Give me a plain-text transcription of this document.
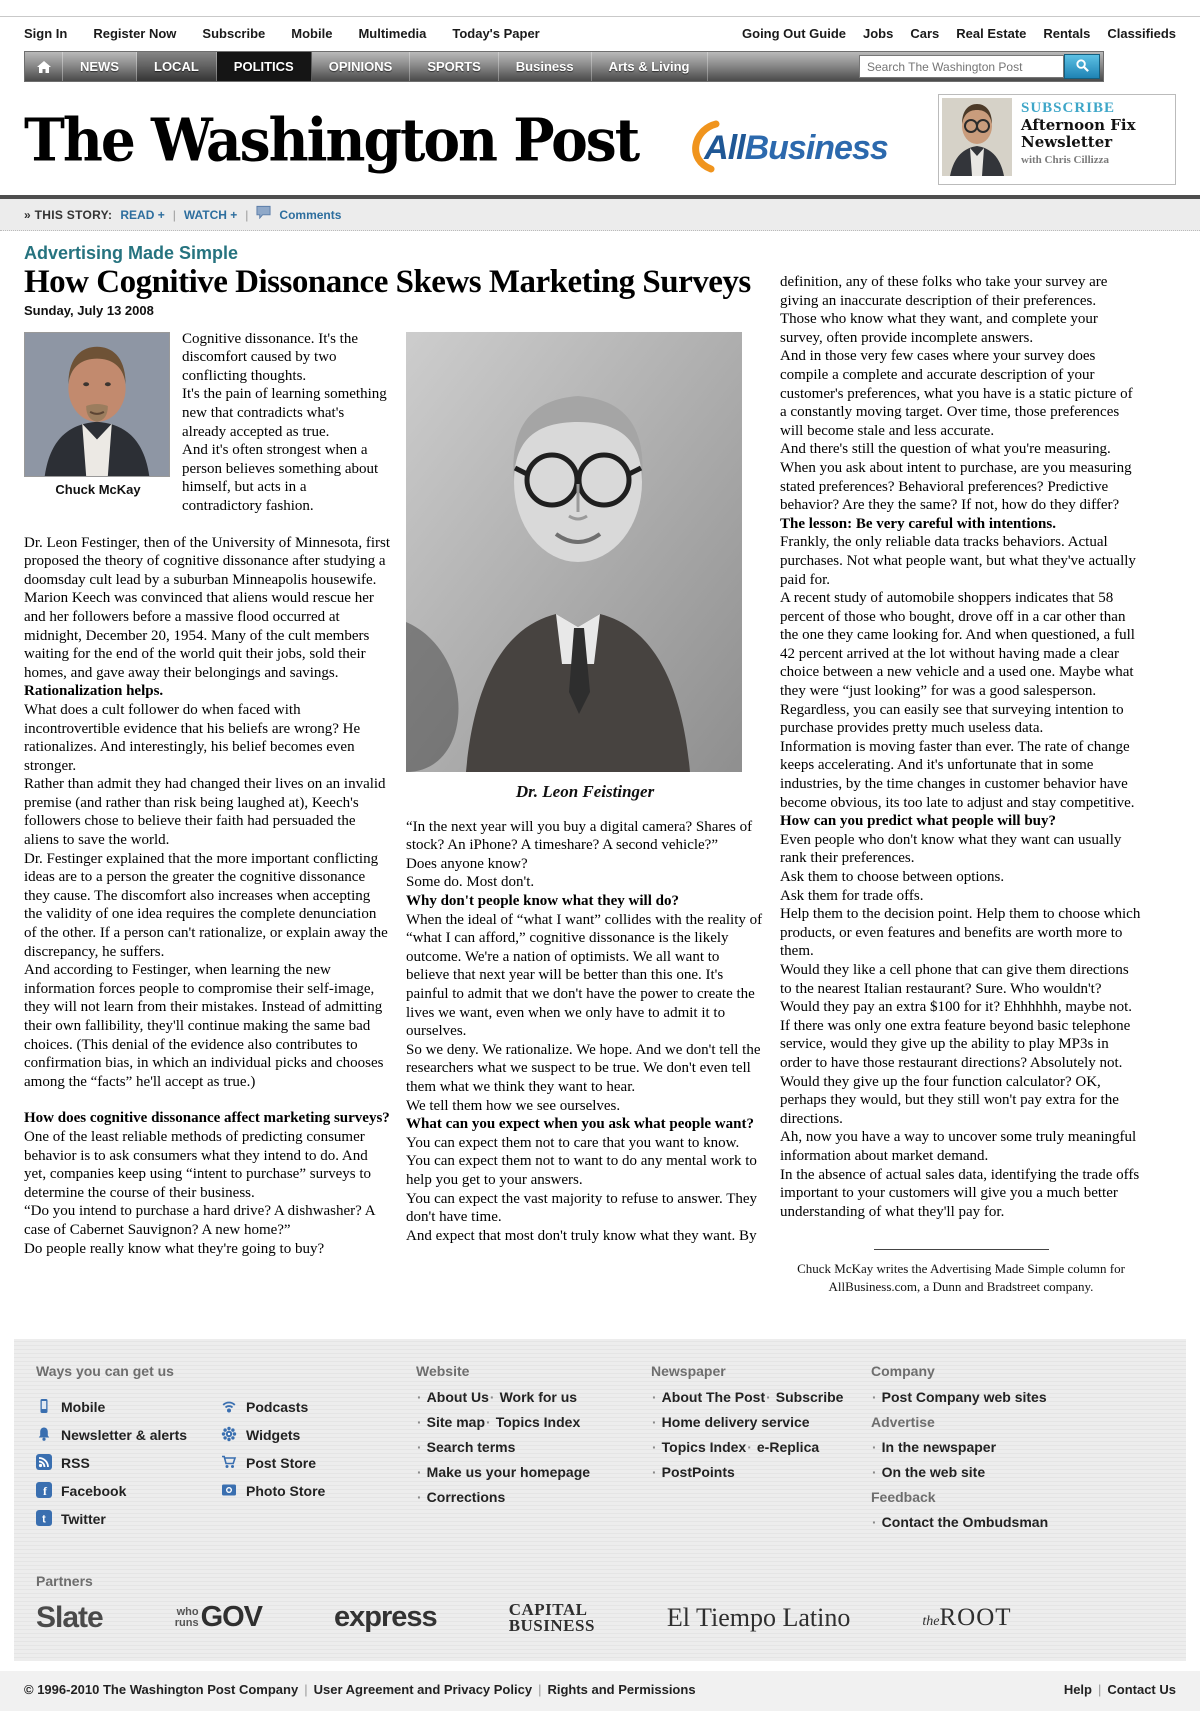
Sign In Register Now Subscribe Mobile Multimedia Today's Paper	Going Out Guide Jobs Cars Real Estate Rentals Classifieds
NEWS	LOCAL	POLITICS	OPINIONS	SPORTS	Business	Arts & Living
Search The Washington Post
The Washington Post AllBusiness
SUBSCRIBE
Afternoon Fix
Newsletter
with Chris Cillizza
» THIS STORY: READ + | WATCH + |	Comments
Advertising Made Simple
How Cognitive Dissonance Skews Marketing Surveys
Sunday, July 13 2008
Chuck McKay

Cognitive dissonance. It's the discomfort caused by two conflicting thoughts.

It's the pain of learning something new that contradicts what's already accepted as true.

And it's often strongest when a person believes something about himself, but acts in a contradictory fashion.

Dr. Leon Festinger, then of the University of Minnesota, first proposed the theory of cognitive dissonance after studying a doomsday cult lead by a suburban Minneapolis housewife. Marion Keech was convinced that aliens would rescue her and her followers before a massive flood occurred at midnight, December 20, 1954. Many of the cult members waiting for the end of the world quit their jobs, sold their homes, and gave away their belongings and savings.

Rationalization helps.

What does a cult follower do when faced with incontrovertible evidence that his beliefs are wrong? He rationalizes. And interestingly, his belief becomes even stronger.

Rather than admit they had changed their lives on an invalid premise (and rather than risk being laughed at), Keech's followers chose to believe their faith had persuaded the aliens to save the world.

Dr. Festinger explained that the more important conflicting ideas are to a person the greater the cognitive dissonance they cause. The discomfort also increases when accepting the validity of one idea requires the complete denunciation of the other. If a person can't rationalize, or explain away the discrepancy, he suffers.

And according to Festinger, when learning the new information forces people to compromise their self-image, they will not learn from their mistakes. Instead of admitting their own fallibility, they'll continue making the same bad choices. (This denial of the evidence also contributes to confirmation bias, in which an individual picks and chooses among the “facts” he'll accept as true.)

How does cognitive dissonance affect marketing surveys? One of the least reliable methods of predicting consumer behavior is to ask consumers what they intend to do. And yet, companies keep using “intent to purchase” surveys to determine the course of their business.

“Do you intend to purchase a hard drive? A dishwasher? A case of Cabernet Sauvignon? A new home?”

Do people really know what they're going to buy?

Dr. Leon Feistinger

“In the next year will you buy a digital camera? Shares of stock? An iPhone? A timeshare? A second vehicle?”

Does anyone know?

Some do. Most don't.

Why don't people know what they will do?

When the ideal of “what I want” collides with the reality of “what I can afford,” cognitive dissonance is the likely outcome. We're a nation of optimists. We all want to believe that next year will be better than this one. It's painful to admit that we don't have the power to create the lives we want, even when we only have to admit it to ourselves.

So we deny. We rationalize. We hope. And we don't tell the researchers what we suspect to be true. We don't even tell them what we think they want to hear.

We tell them how we see ourselves.

What can you expect when you ask what people want?

You can expect them not to care that you want to know.

You can expect them not to want to do any mental work to help you get to your answers.

You can expect the vast majority to refuse to answer. They don't have time.

And expect that most don't truly know what they want. By

definition, any of these folks who take your survey are giving an inaccurate description of their preferences.

Those who know what they want, and complete your survey, often provide incomplete answers.

And in those very few cases where your survey does compile a complete and accurate description of your customer's preferences, what you have is a static picture of a constantly moving target. Over time, those preferences will become stale and less accurate.

And there's still the question of what you're measuring. When you ask about intent to purchase, are you measuring stated preferences? Behavioral preferences? Predictive behavior? Are they the same? If not, how do they differ?

The lesson: Be very careful with intentions.

Frankly, the only reliable data tracks behaviors. Actual purchases. Not what people want, but what they've actually paid for.

A recent study of automobile shoppers indicates that 58 percent of those who bought, drove off in a car other than the one they came looking for. And when questioned, a full 42 percent arrived at the lot without having made a clear choice between a new vehicle and a used one. Maybe what they were “just looking” for was a good salesperson.

Regardless, you can easily see that surveying intention to purchase provides pretty much useless data.

Information is moving faster than ever. The rate of change keeps accelerating. And it's unfortunate that in some industries, by the time changes in customer behavior have become obvious, its too late to adjust and stay competitive.

How can you predict what people will buy?

Even people who don't know what they want can usually rank their preferences.

Ask them to choose between options.

Ask them for trade offs.

Help them to the decision point. Help them to choose which products, or even features and benefits are worth more to them.

Would they like a cell phone that can give them directions to the nearest Italian restaurant? Sure. Who wouldn't?

Would they pay an extra $100 for it? Ehhhhhh, maybe not.

If there was only one extra feature beyond basic telephone service, would they give up the ability to play MP3s in order to have those restaurant directions? Absolutely not.

Would they give up the four function calculator? OK, perhaps they would, but they still won't pay extra for the directions.

Ah, now you have a way to uncover some truly meaningful information about market demand.

In the absence of actual sales data, identifying the trade offs important to your customers will give you a much better understanding of what they'll pay for.

Chuck McKay writes the Advertising Made Simple column for AllBusiness.com, a Dunn and Bradstreet company.
Ways you can get us
Mobile
Newsletter & alerts
RSS
f Facebook
t Twitter
Podcasts
Widgets
Post Store
Photo Store
Website
· About Us· Work for us
· Site map· Topics Index
· Search terms
· Make us your homepage
· Corrections
Newspaper
· About The Post· Subscribe
· Home delivery service
· Topics Index· e-Replica
· PostPoints
Company
· Post Company web sites
Advertise
· In the newspaper
· On the web site
Feedback
· Contact the Ombudsman
Partners
Slate	who
runs GOV express	CAPITAL
BUSINESS	El Tiempo Latino	theROOT
© 1996-2010 The Washington Post Company | User Agreement and Privacy Policy | Rights and Permissions	Help | Contact Us
